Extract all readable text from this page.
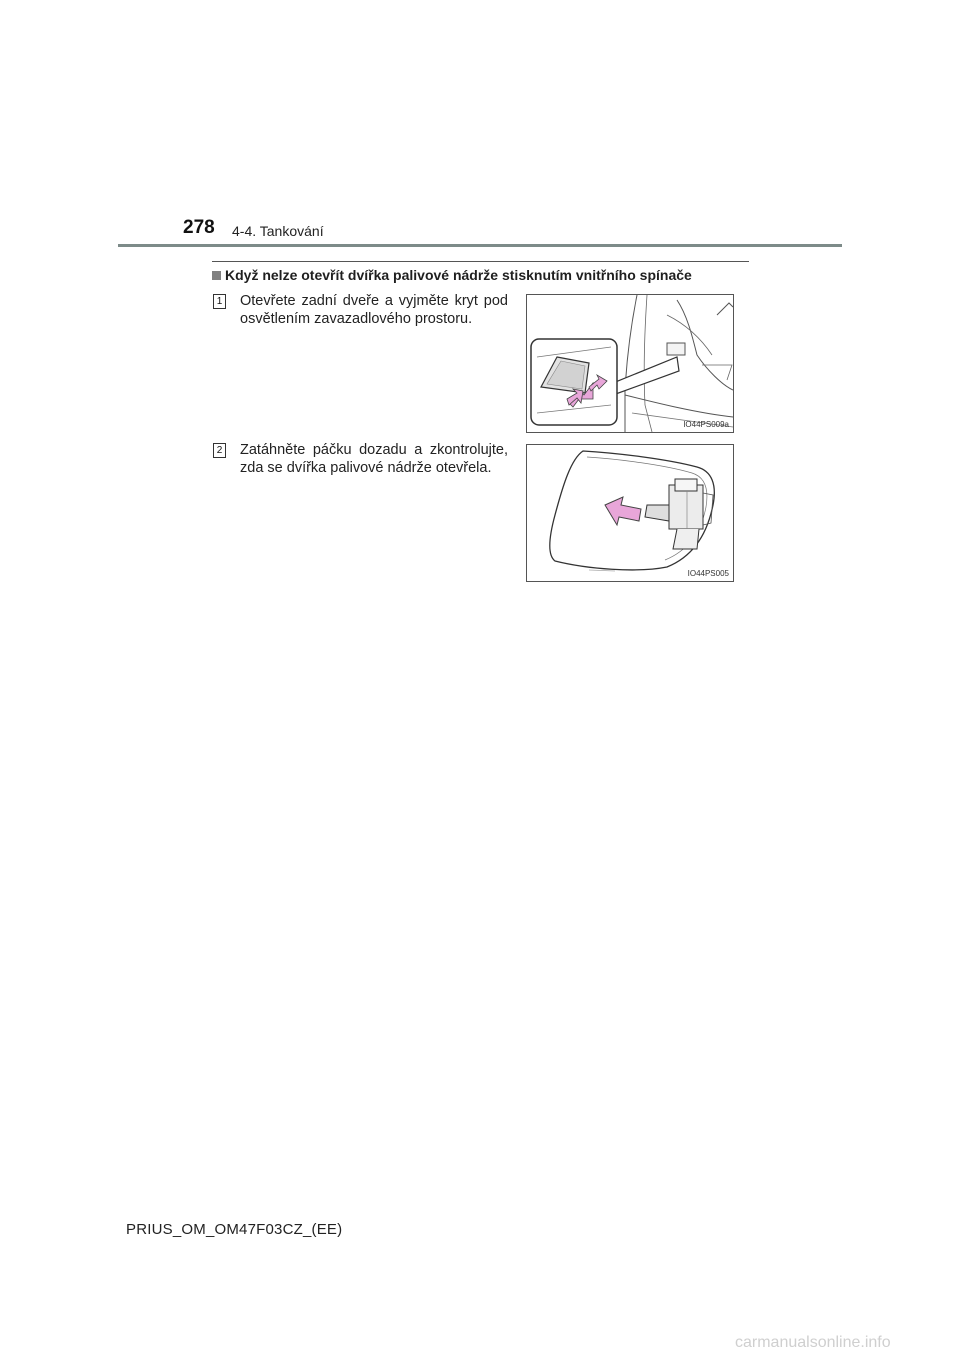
278 4-4. Tankování
Když nelze otevřít dvířka palivové nádrže stisknutím vnitřního spínače
1 Otevřete zadní dveře a vyjměte kryt pod osvětlením zavazadlového prostoru.
IO44PS009a
2 Zatáhněte páčku dozadu a zkontrolujte, zda se dvířka palivové nádrže otevřela.
IO44PS005
PRIUS_OM_OM47F03CZ_(EE)
carmanualsonline.info
